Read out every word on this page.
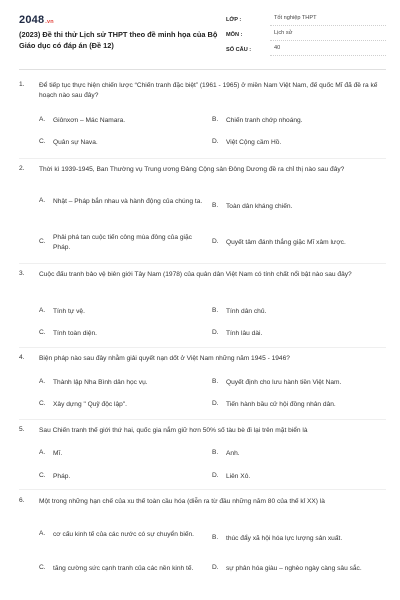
2048.vn
(2023) Đề thi thử Lịch sử THPT theo đề minh họa của Bộ Giáo dục có đáp án (Đề 12)
LỚP :	Tốt nghiệp THPT
MÔN :	Lịch sử
SỐ CÂU :	40
1.	Để tiếp tục thực hiện chiến lược “Chiến tranh đặc biệt” (1961 - 1965) ở miền Nam Việt Nam, đế quốc Mĩ đã đề ra kế hoạch nào sau đây?
A.	Giônxơn – Mác Namara.	B.	Chiến tranh chớp nhoáng.
C.	Quân sự Nava.	D.	Việt Cộng cầm Hồ.
2.	Thời kì 1939-1945, Ban Thường vụ Trung ương Đảng Cộng sản Đông Dương đề ra chỉ thị nào sau đây?
A.	Nhật – Pháp bắn nhau và hành động của chúng ta.
B.	Toàn dân kháng chiến.
C.
Phải phá tan cuộc tiến công mùa đông của giặc Pháp.
D.	Quyết tâm đánh thắng giặc Mĩ xâm lược.
3.	Cuộc đấu tranh bảo vệ biên giới Tây Nam (1978) của quân dân Việt Nam có tính chất nổi bật nào sau đây?
A.	Tính tự vệ.	B.	Tính dân chủ.
C.	Tính toàn diện.	D.	Tính lâu dài.
4.	Biện pháp nào sau đây nhằm giải quyết nạn dốt ở Việt Nam những năm 1945 - 1946?
A.	Thành lập Nha Bình dân học vụ.	B.	Quyết định cho lưu hành tiền Việt Nam.
C.	Xây dựng " Quỹ độc lập".	D.	Tiến hành bầu cử hội đồng nhân dân.
5.	Sau Chiến tranh thế giới thứ hai, quốc gia nắm giữ hơn 50% số tàu bè đi lại trên mặt biển là
A.	Mĩ.	B.	Anh.
C.	Pháp.	D.	Liên Xô.
6.	Một trong những hạn chế của xu thế toàn cầu hóa (diễn ra từ đầu những năm 80 của thế kỉ XX) là
A.	cơ cấu kinh tế của các nước có sự chuyển biến.	B.	thúc đẩy xã hội hóa lực lượng sản xuất.
C.	tăng cường sức cạnh tranh của các nền kinh tế.	D.	sự phân hóa giàu – nghèo ngày càng sâu sắc.
